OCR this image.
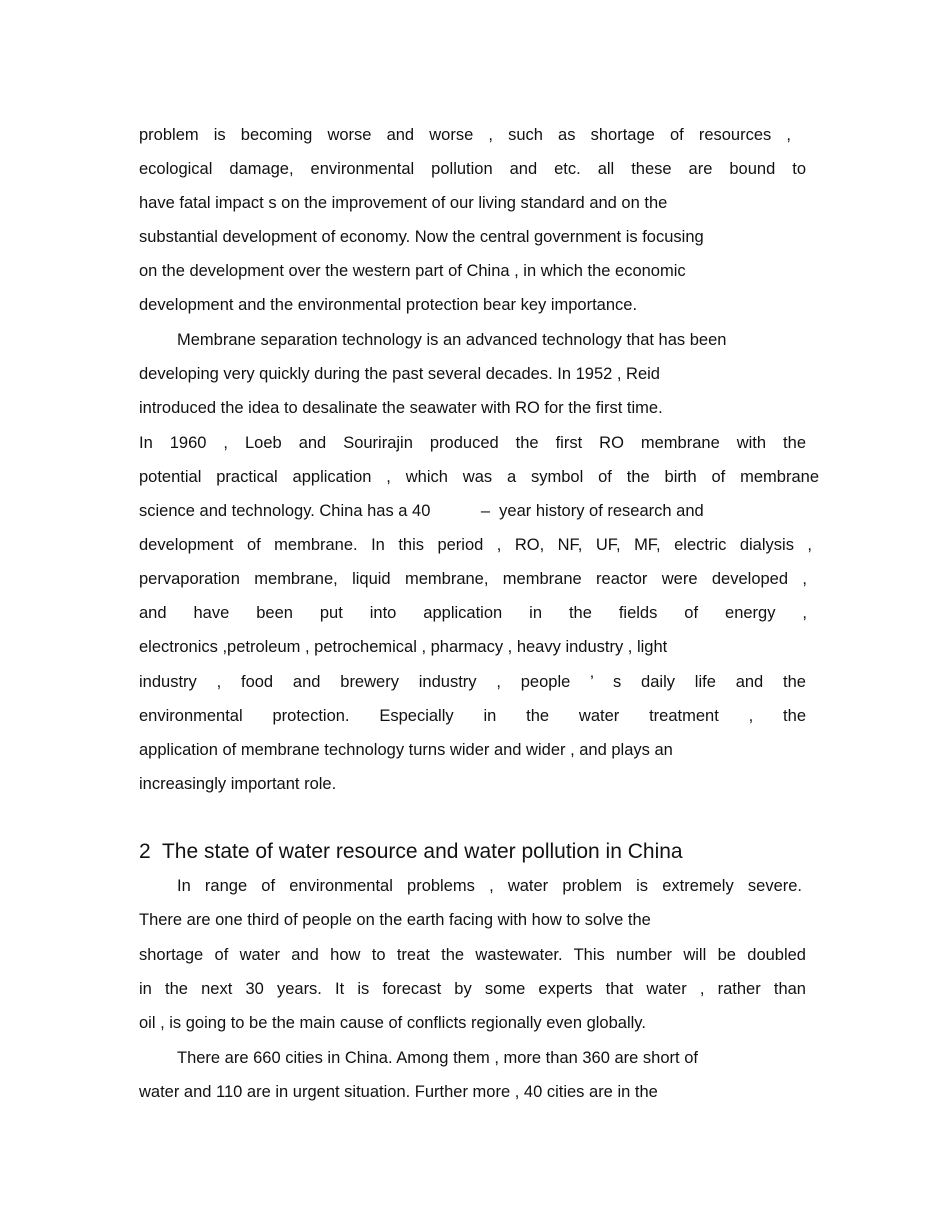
problem is becoming worse and worse , such as shortage of resources ,
ecological damage, environmental pollution and etc. all these are bound to
have fatal impact s on the improvement of our living standard and on the
substantial development of economy. Now the central government is focusing
on the development over the western part of China , in which the economic
development and the environmental protection bear key importance.
Membrane separation technology is an advanced technology that has been
developing very quickly during the past several decades. In 1952 , Reid
introduced the idea to desalinate the seawater with RO for the first time.
In 1960 , Loeb and Sourirajin produced the first RO membrane with the
potential practical application , which was a symbol of the birth of membrane
science and technology. China has a 40           –  year history of research and
development of membrane. In this period , RO, NF, UF, MF, electric dialysis ,
pervaporation membrane, liquid membrane, membrane reactor were developed ,
and have been put into application in the fields of energy ,
electronics ,petroleum , petrochemical , pharmacy , heavy industry , light
industry , food and brewery industry , people ’ s daily life and the
environmental protection. Especially in the water treatment , the
application of membrane technology turns wider and wider , and plays an
increasingly important role.
2  The state of water resource and water pollution in China
In range of environmental problems , water problem is extremely severe.
There are one third of people on the earth facing with how to solve the
shortage of water and how to treat the wastewater. This number will be doubled
in the next 30 years. It is forecast by some experts that water , rather than
oil , is going to be the main cause of conflicts regionally even globally.
There are 660 cities in China. Among them , more than 360 are short of
water and 110 are in urgent situation. Further more , 40 cities are in the
